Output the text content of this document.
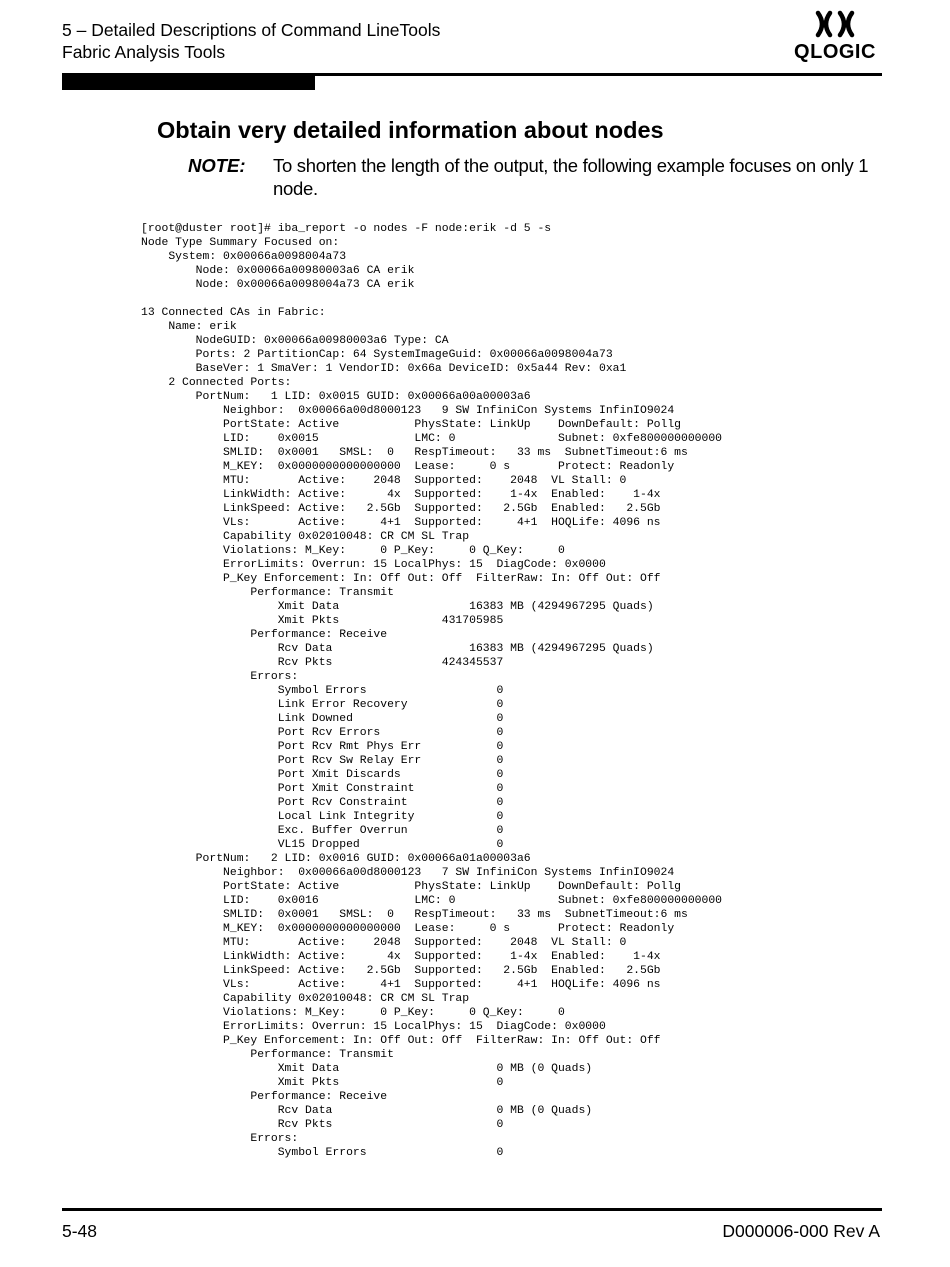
5 – Detailed Descriptions of Command LineTools
Fabric Analysis Tools	QLOGIC
Obtain very detailed information about nodes
NOTE: To shorten the length of the output, the following example focuses on only 1 node.
[root@duster root]# iba_report -o nodes -F node:erik -d 5 -s
Node Type Summary Focused on:
System: 0x00066a0098004a73
Node: 0x00066a00980003a6 CA erik
Node: 0x00066a0098004a73 CA erik
13 Connected CAs in Fabric:
Name: erik
NodeGUID: 0x00066a00980003a6 Type: CA
Ports: 2 PartitionCap: 64 SystemImageGuid: 0x00066a0098004a73
BaseVer: 1 SmaVer: 1 VendorID: 0x66a DeviceID: 0x5a44 Rev: 0xa1
2 Connected Ports:
PortNum:   1 LID: 0x0015 GUID: 0x00066a00a00003a6
Neighbor:  0x00066a00d8000123   9 SW InfiniCon Systems InfinIO9024
PortState: Active           PhysState: LinkUp    DownDefault: Pollg
LID:    0x0015              LMC: 0               Subnet: 0xfe800000000000
SMLID:  0x0001   SMSL:  0   RespTimeout:   33 ms  SubnetTimeout:6 ms
M_KEY:  0x0000000000000000  Lease:     0 s       Protect: Readonly
MTU:       Active:    2048  Supported:    2048  VL Stall: 0
LinkWidth: Active:      4x  Supported:    1-4x  Enabled:    1-4x
LinkSpeed: Active:   2.5Gb  Supported:   2.5Gb  Enabled:   2.5Gb
VLs:       Active:     4+1  Supported:     4+1  HOQLife: 4096 ns
Capability 0x02010048: CR CM SL Trap
Violations: M_Key:     0 P_Key:     0 Q_Key:     0
ErrorLimits: Overrun: 15 LocalPhys: 15  DiagCode: 0x0000
P_Key Enforcement: In: Off Out: Off  FilterRaw: In: Off Out: Off
Performance: Transmit
Xmit Data                   16383 MB (4294967295 Quads)
Xmit Pkts               431705985
Performance: Receive
Rcv Data                    16383 MB (4294967295 Quads)
Rcv Pkts                424345537
Errors:
Symbol Errors                   0
Link Error Recovery             0
Link Downed                     0
Port Rcv Errors                 0
Port Rcv Rmt Phys Err           0
Port Rcv Sw Relay Err           0
Port Xmit Discards              0
Port Xmit Constraint            0
Port Rcv Constraint             0
Local Link Integrity            0
Exc. Buffer Overrun             0
VL15 Dropped                    0
PortNum:   2 LID: 0x0016 GUID: 0x00066a01a00003a6
Neighbor:  0x00066a00d8000123   7 SW InfiniCon Systems InfinIO9024
PortState: Active           PhysState: LinkUp    DownDefault: Pollg
LID:    0x0016              LMC: 0               Subnet: 0xfe800000000000
SMLID:  0x0001   SMSL:  0   RespTimeout:   33 ms  SubnetTimeout:6 ms
M_KEY:  0x0000000000000000  Lease:     0 s       Protect: Readonly
MTU:       Active:    2048  Supported:    2048  VL Stall: 0
LinkWidth: Active:      4x  Supported:    1-4x  Enabled:    1-4x
LinkSpeed: Active:   2.5Gb  Supported:   2.5Gb  Enabled:   2.5Gb
VLs:       Active:     4+1  Supported:     4+1  HOQLife: 4096 ns
Capability 0x02010048: CR CM SL Trap
Violations: M_Key:     0 P_Key:     0 Q_Key:     0
ErrorLimits: Overrun: 15 LocalPhys: 15  DiagCode: 0x0000
P_Key Enforcement: In: Off Out: Off  FilterRaw: In: Off Out: Off
Performance: Transmit
Xmit Data                       0 MB (0 Quads)
Xmit Pkts                       0
Performance: Receive
Rcv Data                        0 MB (0 Quads)
Rcv Pkts                        0
Errors:
Symbol Errors                   0
5-48	D000006-000 Rev A
